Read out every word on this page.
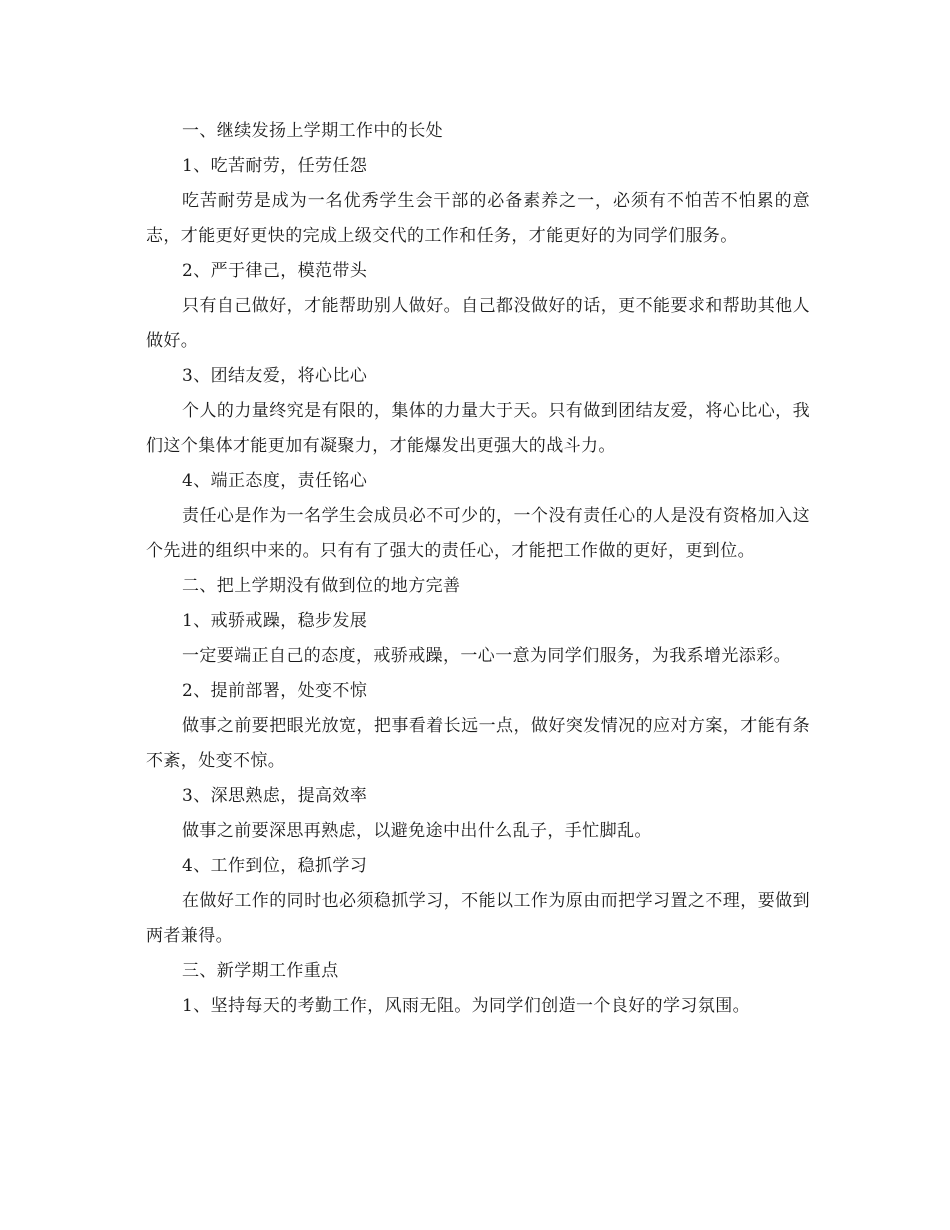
一、继续发扬上学期工作中的长处

1、吃苦耐劳，任劳任怨

吃苦耐劳是成为一名优秀学生会干部的必备素养之一，必须有不怕苦不怕累的意志，才能更好更快的完成上级交代的工作和任务，才能更好的为同学们服务。

2、严于律己，模范带头

只有自己做好，才能帮助别人做好。自己都没做好的话，更不能要求和帮助其他人做好。

3、团结友爱，将心比心

个人的力量终究是有限的，集体的力量大于天。只有做到团结友爱，将心比心，我们这个集体才能更加有凝聚力，才能爆发出更强大的战斗力。

4、端正态度，责任铭心

责任心是作为一名学生会成员必不可少的，一个没有责任心的人是没有资格加入这个先进的组织中来的。只有有了强大的责任心，才能把工作做的更好，更到位。

二、把上学期没有做到位的地方完善

1、戒骄戒躁，稳步发展

一定要端正自己的态度，戒骄戒躁，一心一意为同学们服务，为我系增光添彩。

2、提前部署，处变不惊

做事之前要把眼光放宽，把事看着长远一点，做好突发情况的应对方案，才能有条不紊，处变不惊。

3、深思熟虑，提高效率

做事之前要深思再熟虑，以避免途中出什么乱子，手忙脚乱。

4、工作到位，稳抓学习

在做好工作的同时也必须稳抓学习，不能以工作为原由而把学习置之不理，要做到两者兼得。

三、新学期工作重点

1、坚持每天的考勤工作，风雨无阻。为同学们创造一个良好的学习氛围。
